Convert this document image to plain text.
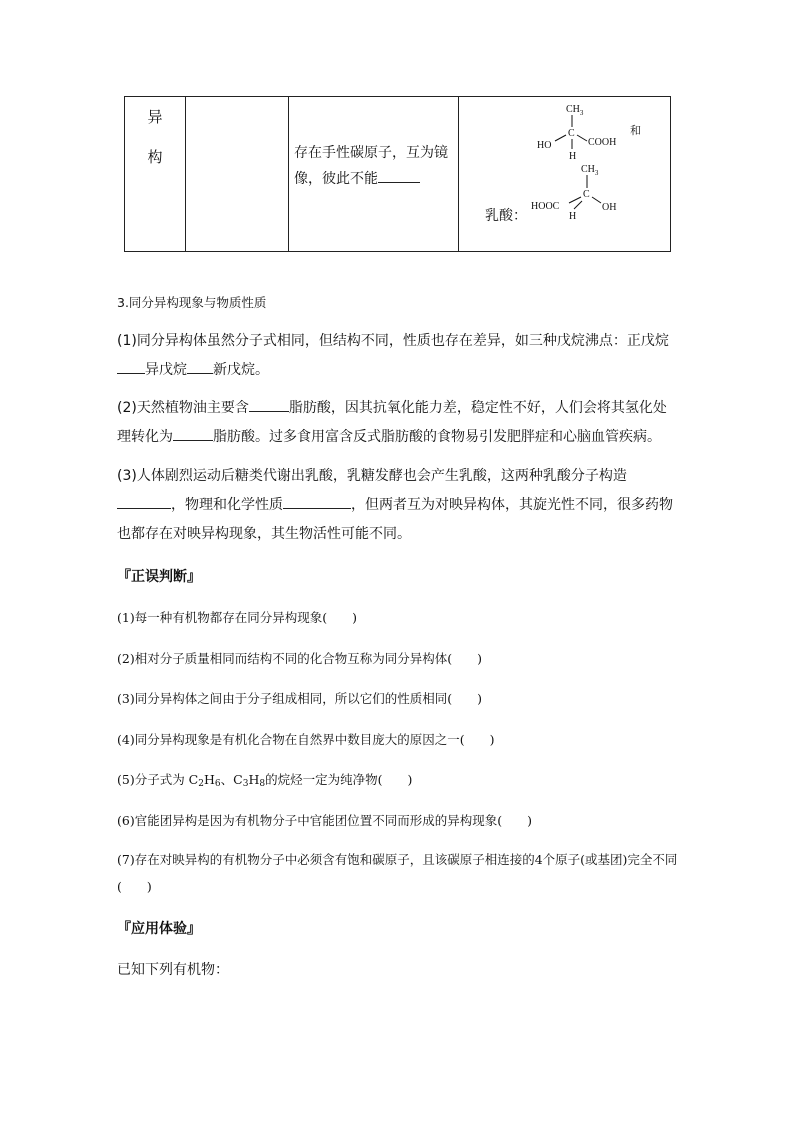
异
构		存在手性碳原子，互为镜像，彼此不能

$CH_3$
C
HO	COOH
H
$CH_3$
C
HOOC	OH
H
和
乳酸：
3.同分异构现象与物质性质
(1)同分异构体虽然分子式相同，但结构不同，性质也存在差异，如三种戊烷沸点：正戊烷异戊烷 新戊烷。
(2)天然植物油主要含	脂肪酸，因其抗氧化能力差，稳定性不好，人们会将其氢化处理转化为	脂肪酸。过多食用富含反式脂肪酸的食物易引发肥胖症和心脑血管疾病。
(3)人体剧烈运动后糖类代谢出乳酸，乳糖发酵也会产生乳酸，这两种乳酸分子构造，物理和化学性质	，但两者互为对映异构体，其旋光性不同，很多药物也都存在对映异构现象，其生物活性可能不同。
『正误判断』
(1)每一种有机物都存在同分异构现象(　　)
(2)相对分子质量相同而结构不同的化合物互称为同分异构体(　　)
(3)同分异构体之间由于分子组成相同，所以它们的性质相同(　　)
(4)同分异构现象是有机化合物在自然界中数目庞大的原因之一(　　)
(5)分子式为 $C_2H_6$、$C_3H_8$的烷烃一定为纯净物(　　)
(6)官能团异构是因为有机物分子中官能团位置不同而形成的异构现象(　　)
(7)存在对映异构的有机物分子中必须含有饱和碳原子，且该碳原子相连接的4个原子(或基团)完全不同(　　)
『应用体验』
已知下列有机物：
